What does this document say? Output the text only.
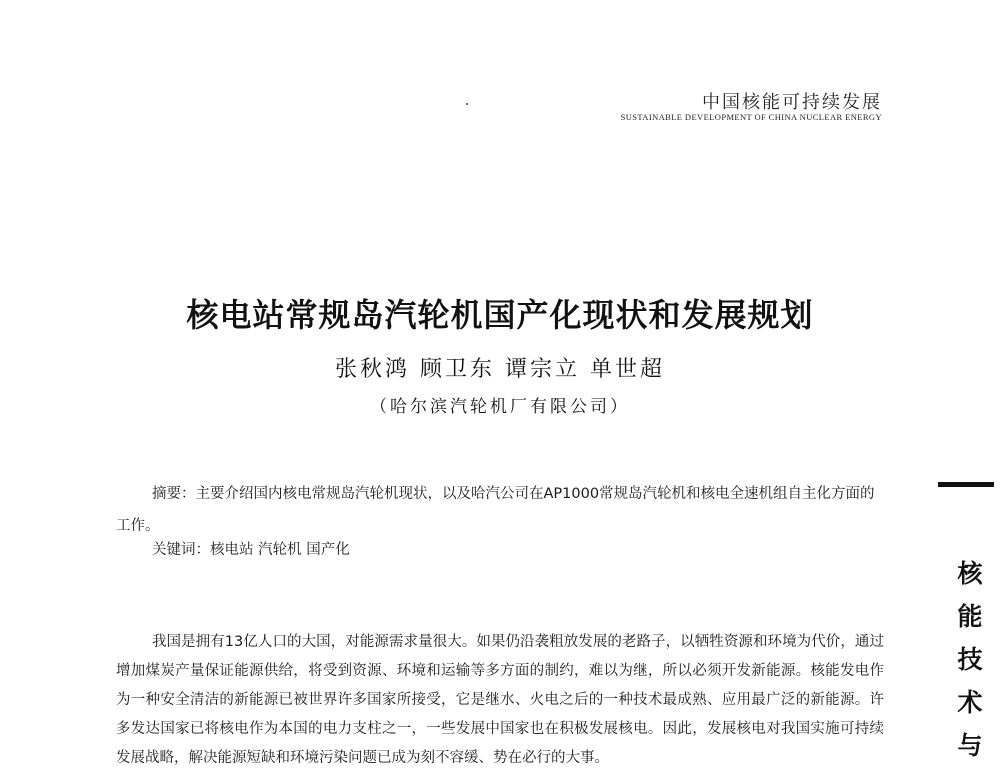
中国核能可持续发展
SUSTAINABLE DEVELOPMENT OF CHINA NUCLEAR ENERGY
核电站常规岛汽轮机国产化现状和发展规划
张秋鸿 顾卫东 谭宗立 单世超
（哈尔滨汽轮机厂有限公司）

摘要：主要介绍国内核电常规岛汽轮机现状，以及哈汽公司在AP1000常规岛汽轮机和核电全速机组自主化方面的工作。

关键词：核电站 汽轮机 国产化

我国是拥有13亿人口的大国，对能源需求量很大。如果仍沿袭粗放发展的老路子，以牺牲资源和环境为代价，通过增加煤炭产量保证能源供给，将受到资源、环境和运输等多方面的制约，难以为继，所以必须开发新能源。核能发电作为一种安全清洁的新能源已被世界许多国家所接受，它是继水、火电之后的一种技术最成熟、应用最广泛的新能源。许多发达国家已将核电作为本国的电力支柱之一，一些发展中国家也在积极发展核电。因此，发展核电对我国实施可持续发展战略，解决能源短缺和环境污染问题已成为刻不容缓、势在必行的大事。

核
能
技
术
与
